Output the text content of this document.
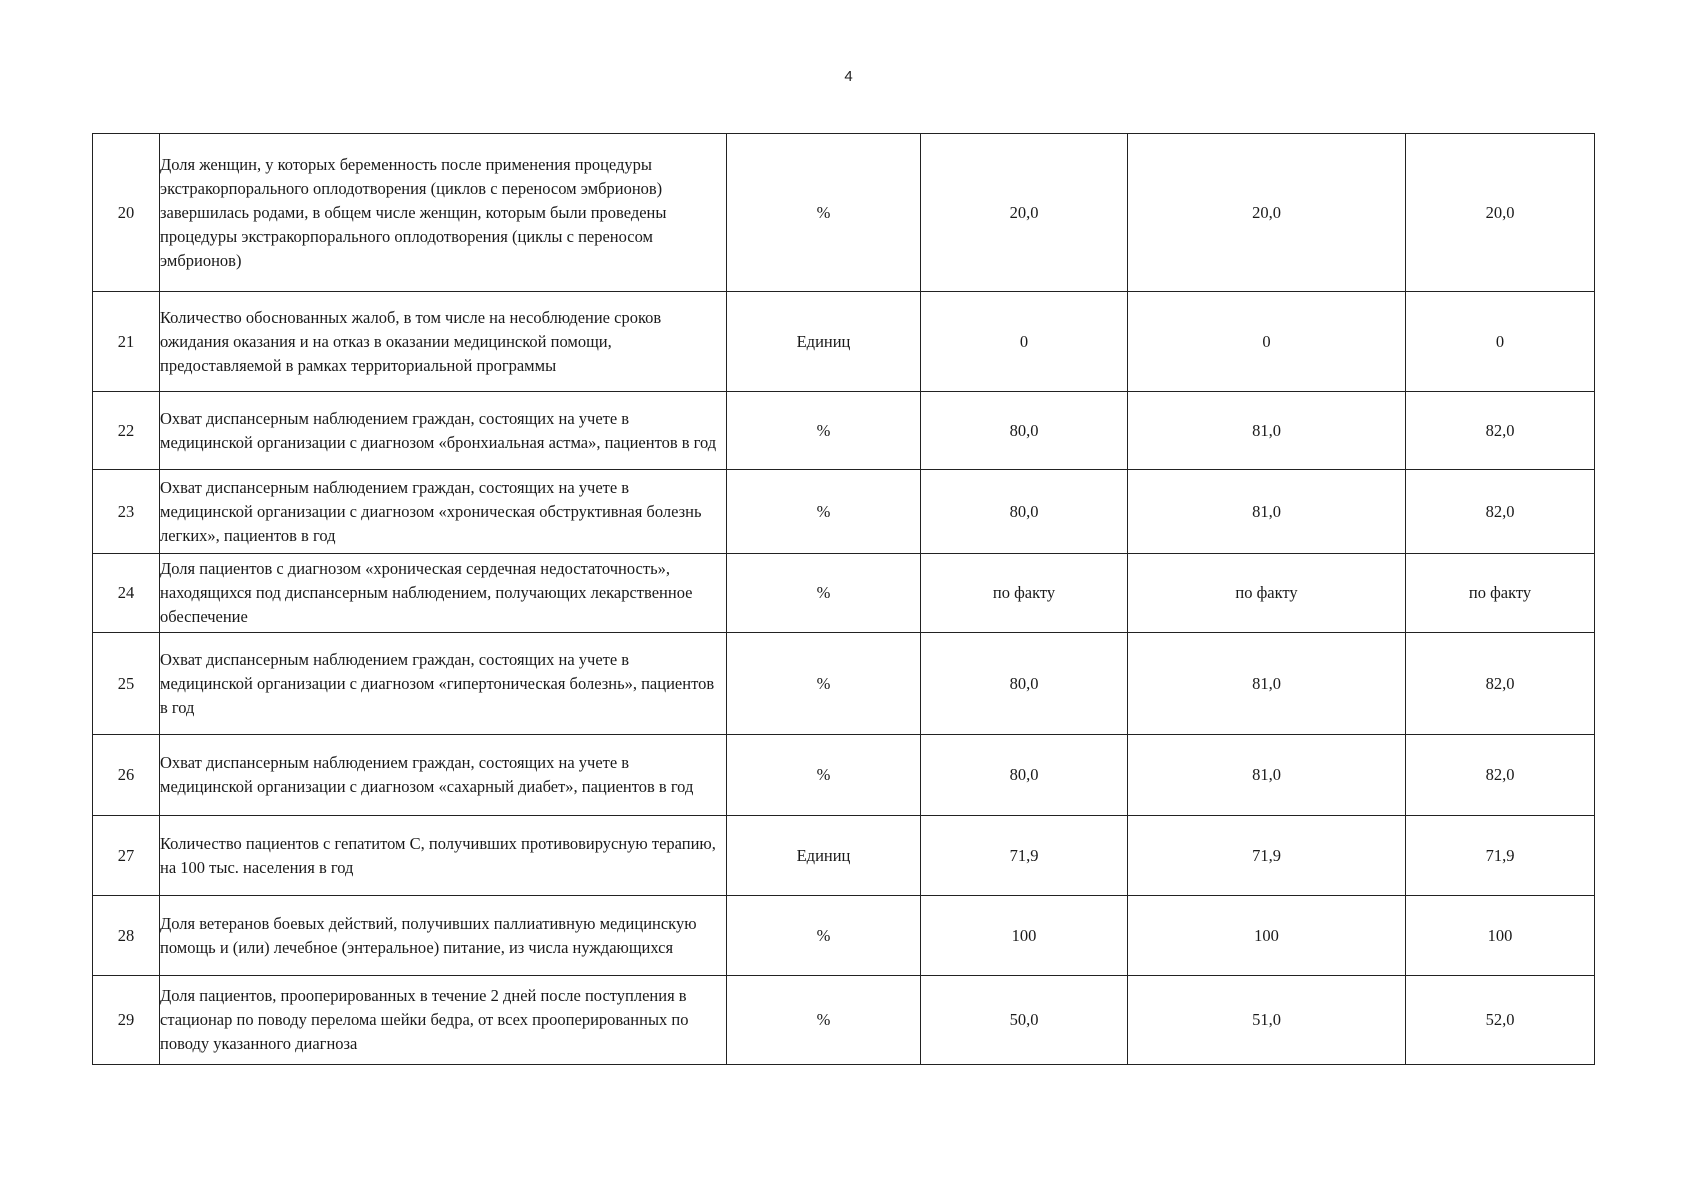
4
20	Доля женщин, у которых беременность после применения процедуры экстракорпорального оплодотворения (циклов с переносом эмбрионов) завершилась родами, в общем числе женщин, которым были проведены процедуры экстракорпорального оплодотворения (циклы с переносом эмбрионов)	%	20,0	20,0	20,0
21	Количество обоснованных жалоб, в том числе на несоблюдение сроков ожидания оказания и на отказ в оказании медицинской помощи, предоставляемой в рамках территориальной программы	Единиц	0	0	0
22	Охват диспансерным наблюдением граждан, состоящих на учете в медицинской организации с диагнозом «бронхиальная астма», пациентов в год	%	80,0	81,0	82,0
23	Охват диспансерным наблюдением граждан, состоящих на учете в медицинской организации с диагнозом «хроническая обструктивная болезнь легких», пациентов в год	%	80,0	81,0	82,0
24	Доля пациентов с диагнозом «хроническая сердечная недостаточность», находящихся под диспансерным наблюдением, получающих лекарственное обеспечение	%	по факту	по факту	по факту
25	Охват диспансерным наблюдением граждан, состоящих на учете в медицинской организации с диагнозом «гипертоническая болезнь», пациентов в год	%	80,0	81,0	82,0
26	Охват диспансерным наблюдением граждан, состоящих на учете в медицинской организации с диагнозом «сахарный диабет», пациентов в год	%	80,0	81,0	82,0
27	Количество пациентов с гепатитом С, получивших противовирусную терапию, на 100 тыс. населения в год	Единиц	71,9	71,9	71,9
28	Доля ветеранов боевых действий, получивших паллиативную медицинскую помощь и (или) лечебное (энтеральное) питание, из числа нуждающихся	%	100	100	100
29	Доля пациентов, прооперированных в течение 2 дней после поступления в стационар по поводу перелома шейки бедра, от всех прооперированных по поводу указанного диагноза	%	50,0	51,0	52,0
